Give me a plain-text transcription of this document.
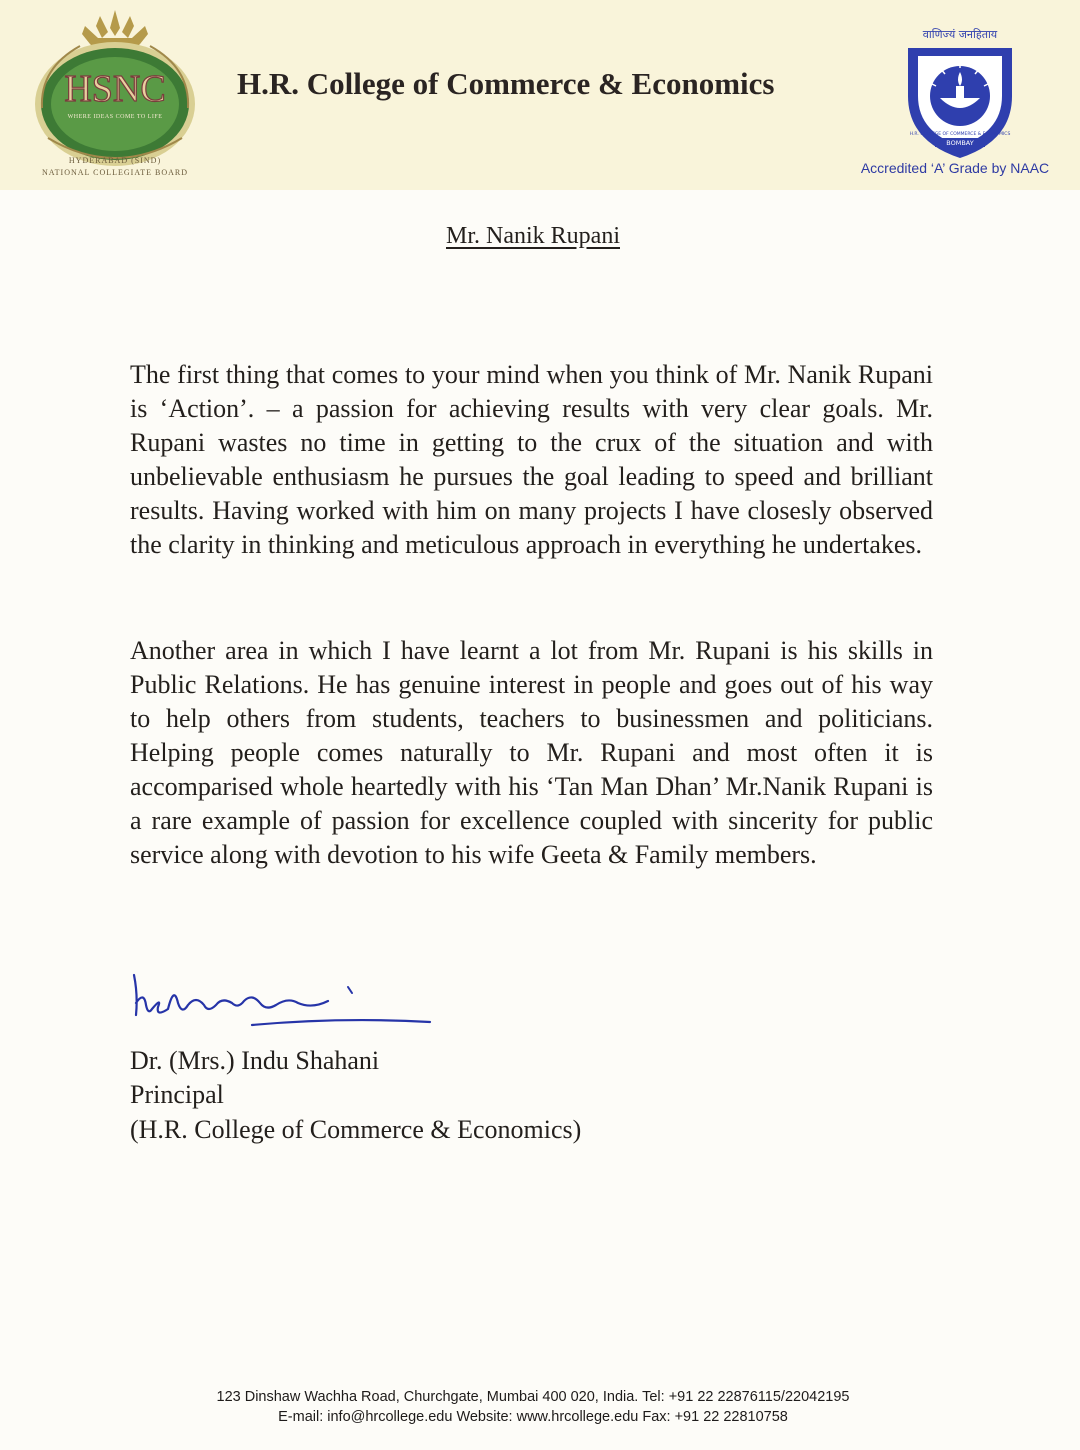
HSNC
WHERE IDEAS COME TO LIFE
HYDERABAD (SIND)
NATIONAL COLLEGIATE BOARD
H.R. College of Commerce & Economics
वाणिज्यं जनहिताय
H.R. COLLEGE OF COMMERCE & ECONOMICS
BOMBAY
Accredited ‘A’ Grade by NAAC
Mr. Nanik Rupani

The first thing that comes to your mind when you think of Mr. Nanik Rupani is ‘Action’. – a passion for achieving results with very clear goals. Mr. Rupani wastes no time in getting to the crux of the situation and with unbelievable enthusiasm he pursues the goal leading to speed and brilliant results. Having worked with him on many projects I have closesly observed the clarity in thinking and meticulous approach in everything he undertakes.

Another area in which I have learnt a lot from Mr. Rupani is his skills in Public Relations. He has genuine interest in people and goes out of his way to help others from students, teachers to businessmen and politicians. Helping people comes naturally to Mr. Rupani and most often it is accomparised whole heartedly with his ‘Tan Man Dhan’ Mr.Nanik Rupani is a rare example of passion for excellence coupled with sincerity for public service along with devotion to his wife Geeta & Family members.

Dr. (Mrs.) Indu Shahani
Principal
(H.R. College of Commerce & Economics)
123 Dinshaw Wachha Road, Churchgate, Mumbai 400 020, India. Tel: +91 22 22876115/22042195
E-mail: info@hrcollege.edu Website: www.hrcollege.edu Fax: +91 22 22810758
